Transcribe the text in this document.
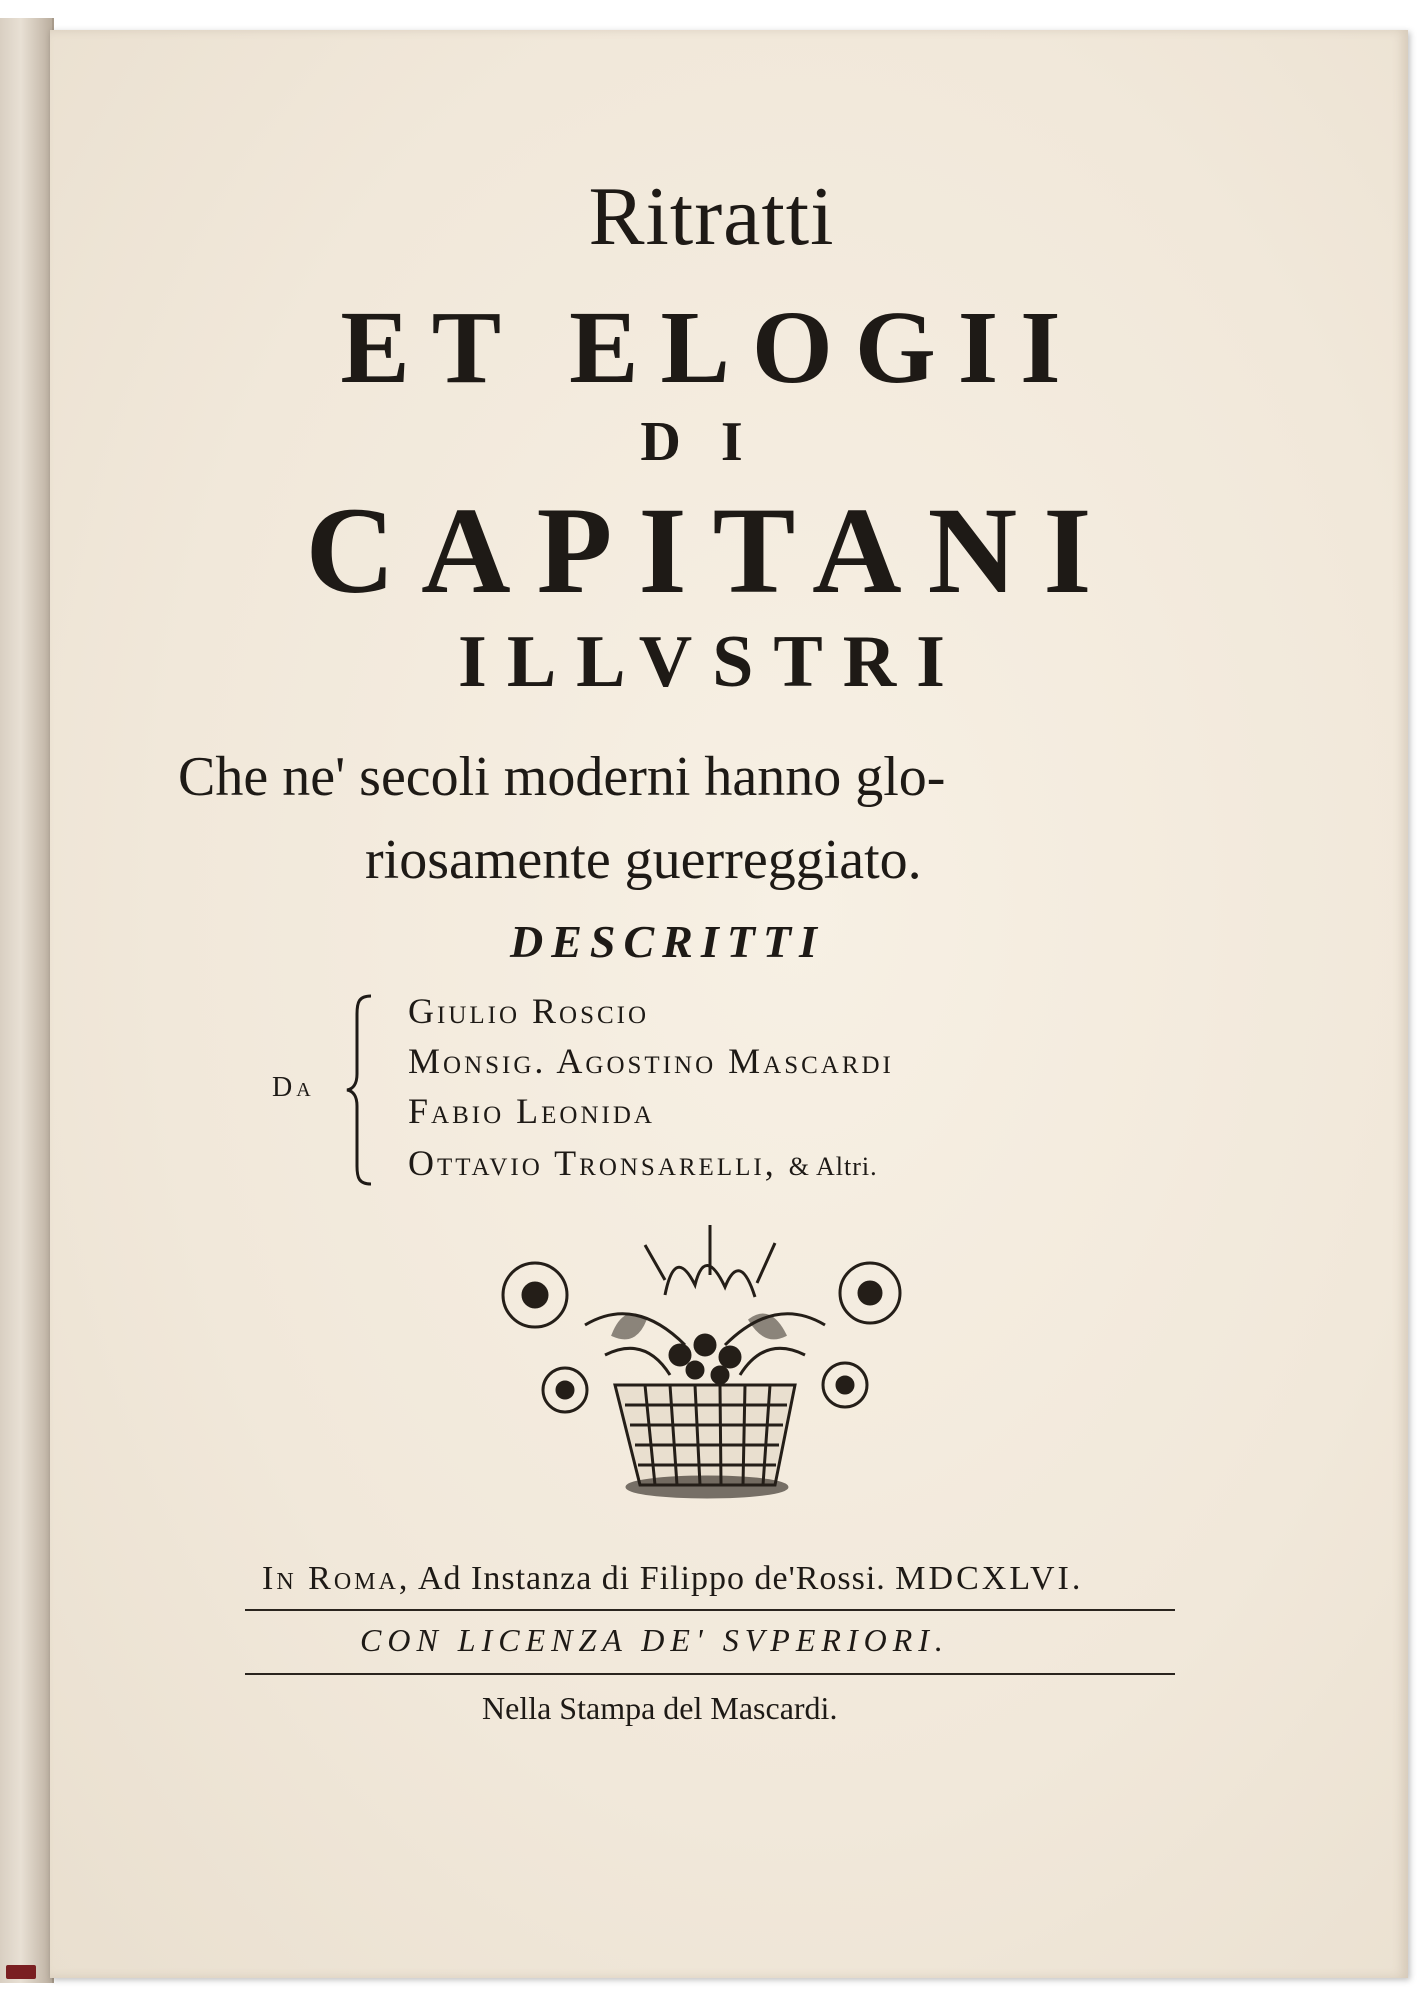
Ritratti
ET ELOGII
DI
CAPITANI
ILLVSTRI
Che ne' secoli moderni hanno glo-
riosamente guerreggiato.
DESCRITTI
Da
Giulio Roscio
Monsig. Agostino Mascardi
Fabio Leonida
Ottavio Tronsarelli, & Altri.
In Roma, Ad Instanza di Filippo de'Rossi. MDCXLVI.
CON LICENZA DE' SVPERIORI.
Nella Stampa del Mascardi.
